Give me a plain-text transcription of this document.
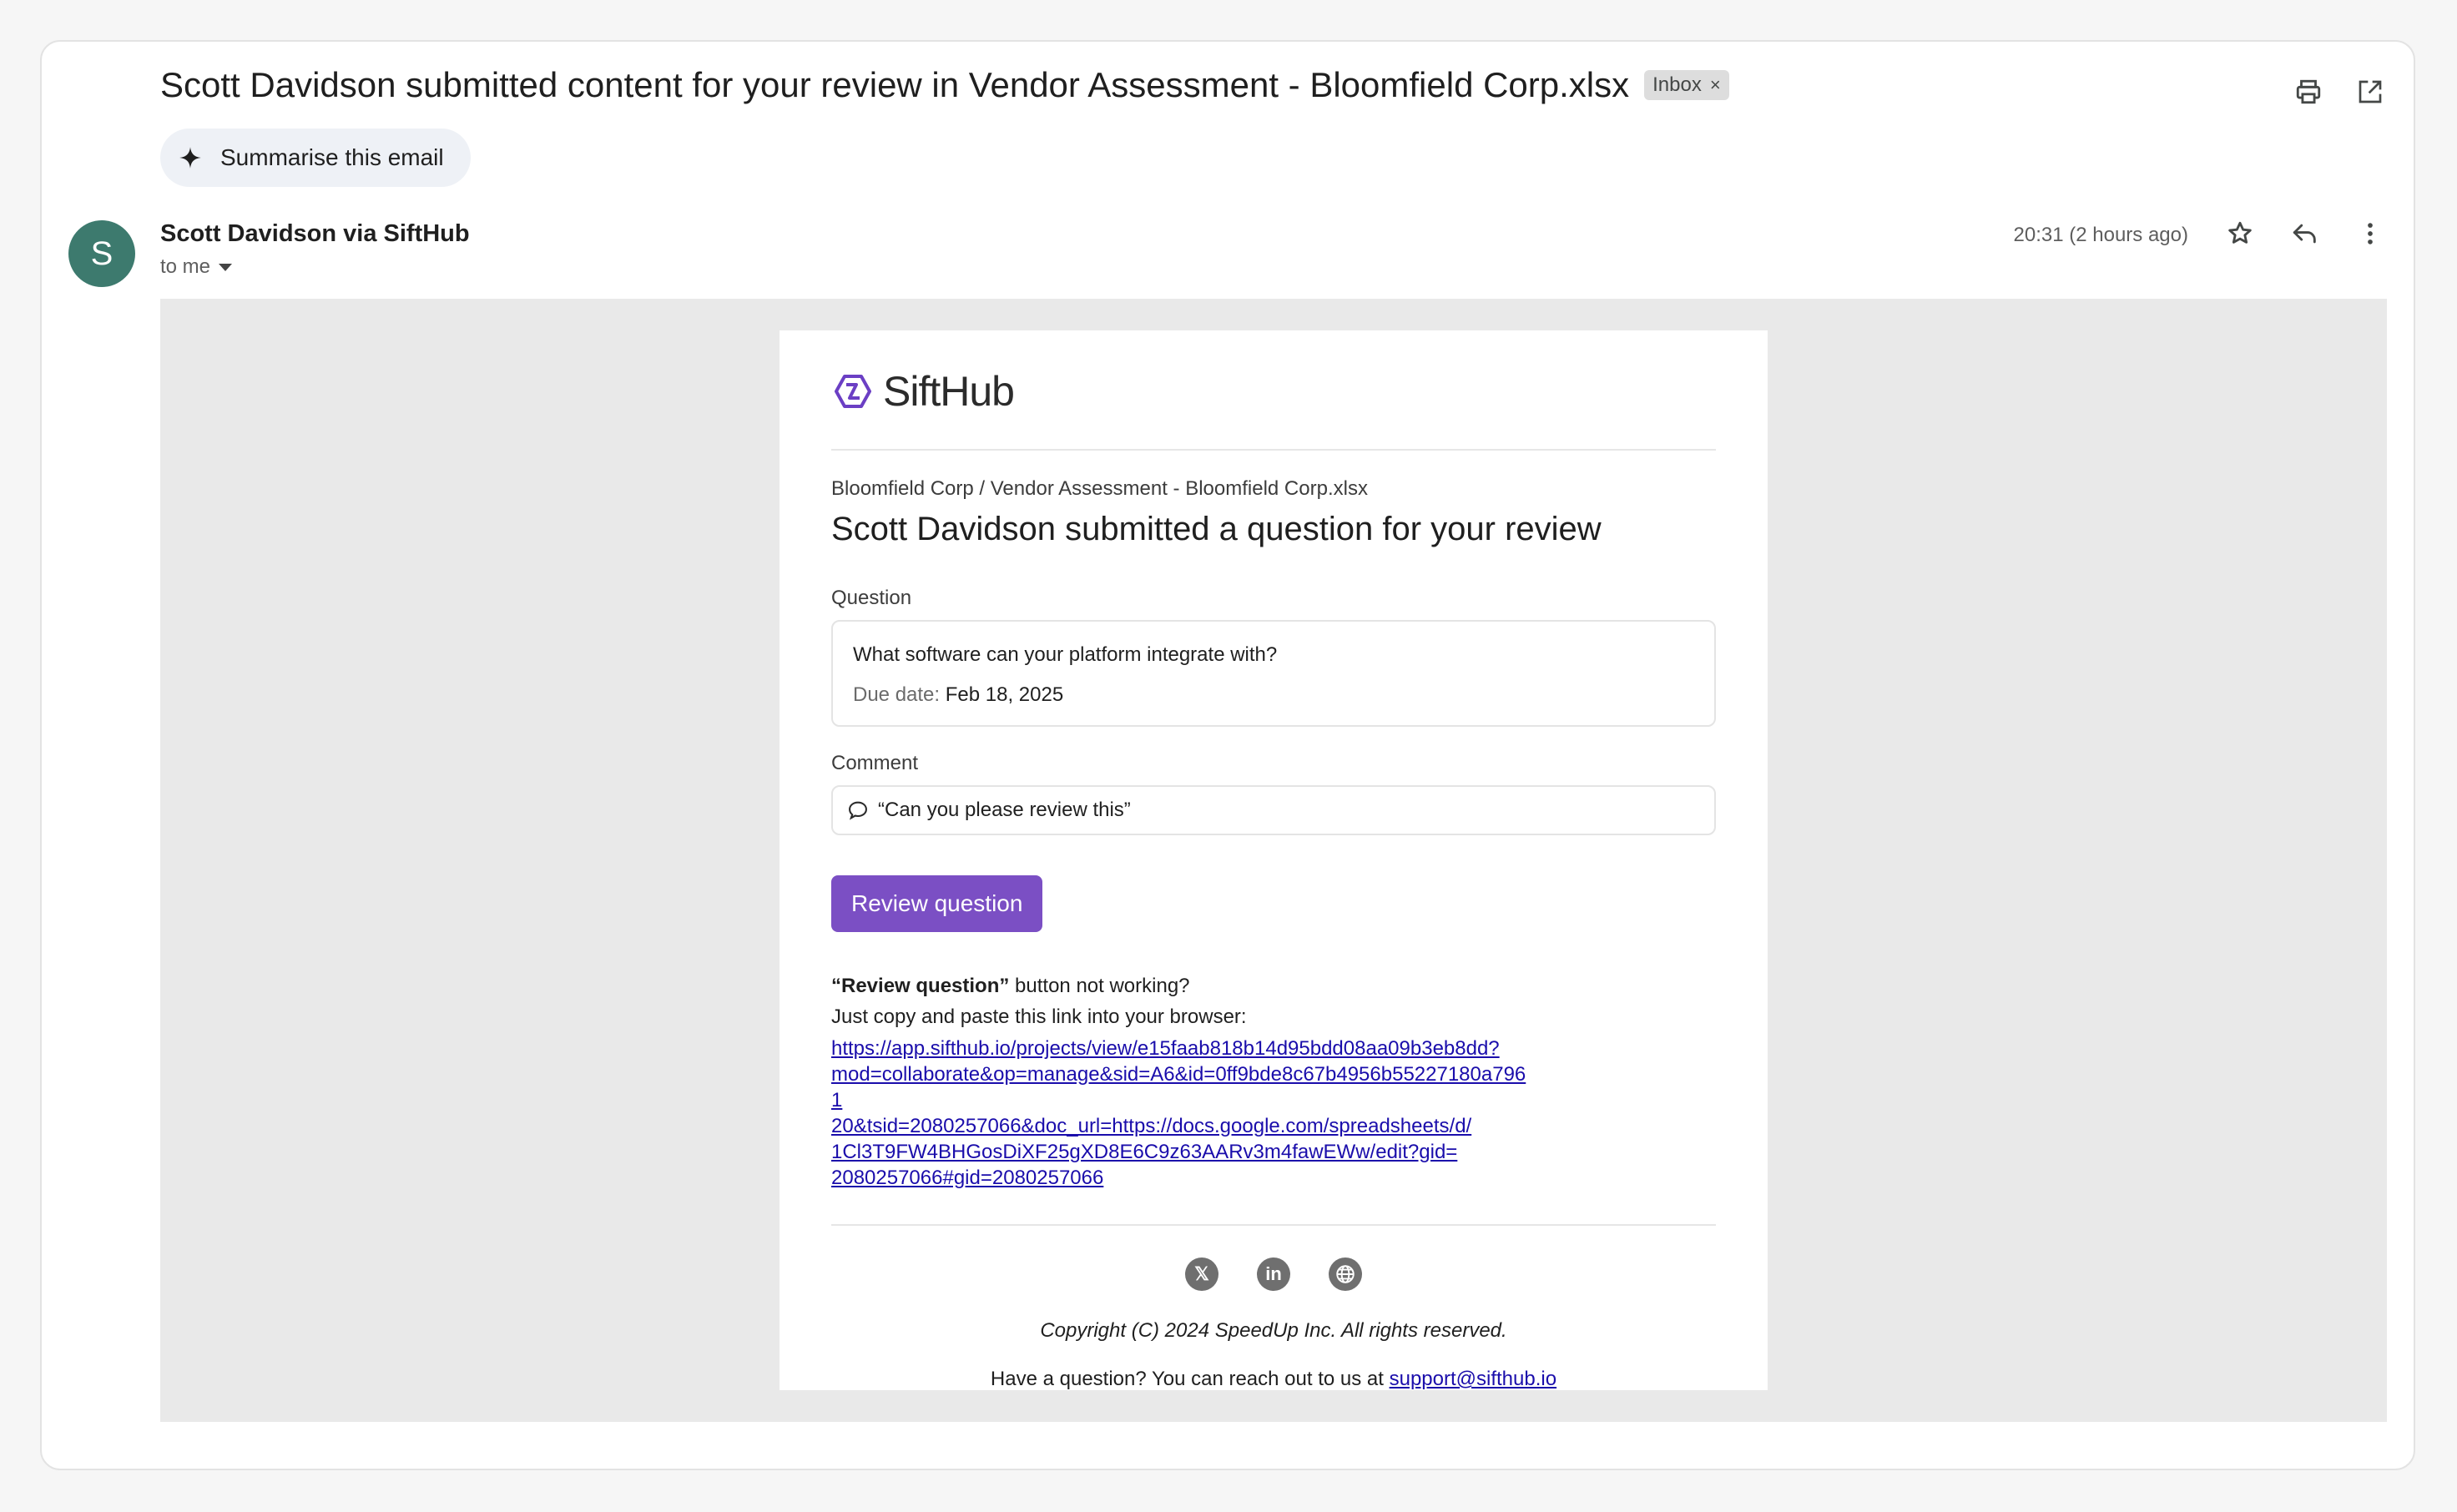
Scott Davidson submitted content for your review in Vendor Assessment - Bloomfield Corp.xlsx Inbox ×
Summarise this email
S
Scott Davidson via SiftHub
to me
20:31 (2 hours ago)
SiftHub
Bloomfield Corp / Vendor Assessment - Bloomfield Corp.xlsx
Scott Davidson submitted a question for your review
Question
What software can your platform integrate with?
Due date: Feb 18, 2025
Comment
“Can you please review this”
Review question
“Review question” button not working?
Just copy and paste this link into your browser:
https://app.sifthub.io/projects/view/e15faab818b14d95bdd08aa09b3eb8dd?
mod=collaborate&op=manage&sid=A6&id=0ff9bde8c67b4956b55227180a7961
20&tsid=2080257066&doc_url=https://docs.google.com/spreadsheets/d/
1Cl3T9FW4BHGosDiXF25gXD8E6C9z63AARv3m4fawEWw/edit?gid=
2080257066#gid=2080257066
𝕏	in
Copyright (C) 2024 SpeedUp Inc. All rights reserved.
Have a question? You can reach out to us at support@sifthub.io
